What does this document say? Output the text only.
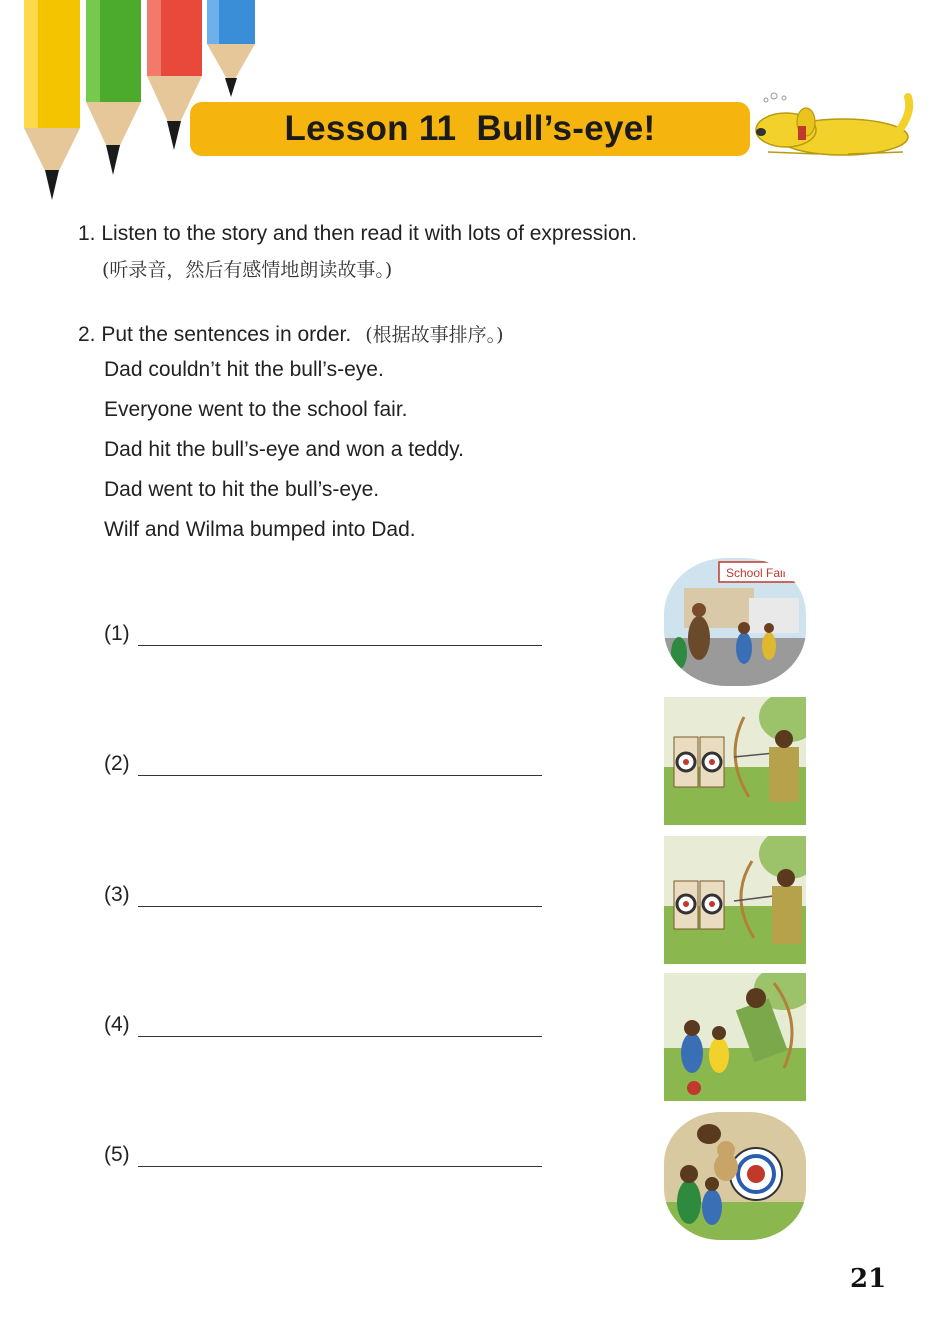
Lesson 11  Bull’s-eye!
1. Listen to the story and then read it with lots of expression.
(听录音，然后有感情地朗读故事。)
2. Put the sentences in order. (根据故事排序。)
Dad couldn’t hit the bull’s-eye.
Everyone went to the school fair.
Dad hit the bull’s-eye and won a teddy.
Dad went to hit the bull’s-eye.
Wilf and Wilma bumped into Dad.
(1)
(2)
(3)
(4)
(5)
School Fair
21
